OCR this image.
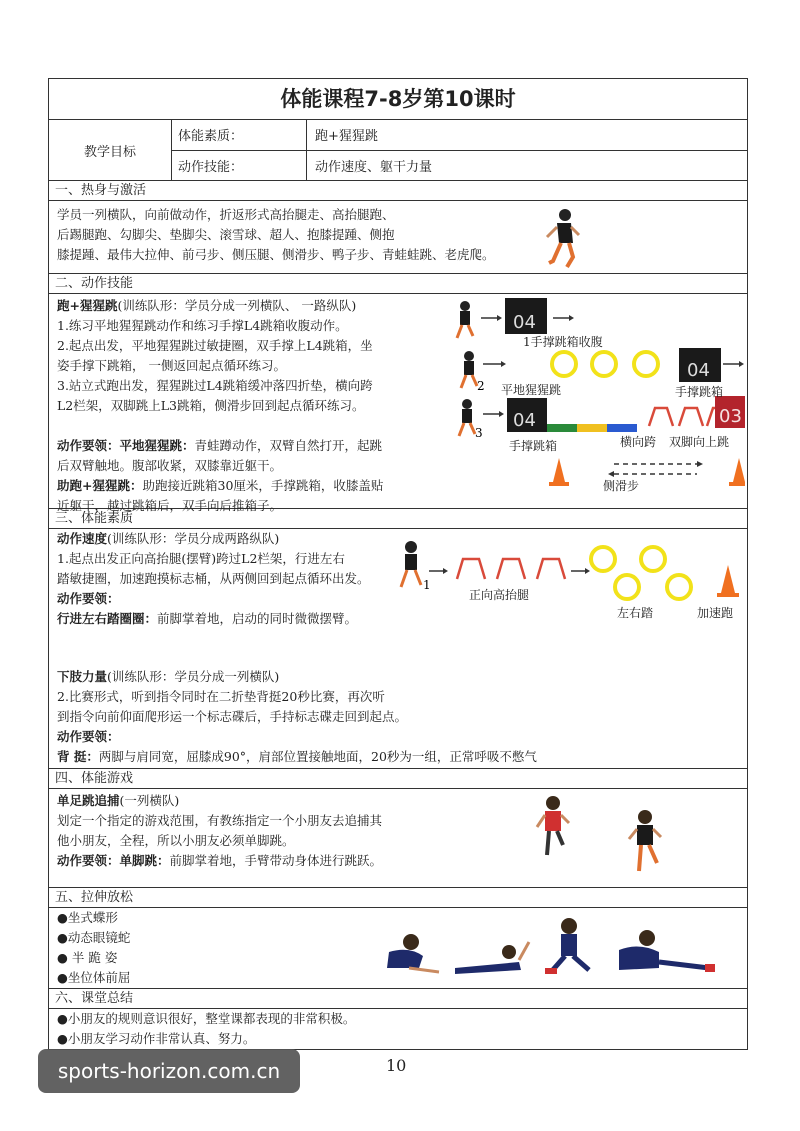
体能课程7-8岁第10课时
教学目标
体能素质：	跑+猩猩跳
动作技能：	动作速度、躯干力量
一、热身与激活
学员一列横队，向前做动作，折返形式高抬腿走、高抬腿跑、
后踢腿跑、勾脚尖、垫脚尖、滚雪球、超人、抱膝提踵、侧抱
膝提踵、最伟大拉伸、前弓步、侧压腿、侧滑步、鸭子步、青蛙蛙跳、老虎爬。
二、动作技能
跑+猩猩跳(训练队形：学员分成一列横队、 一路纵队)
1.练习平地猩猩跳动作和练习手撑L4跳箱收腹动作。
2.起点出发，平地猩猩跳过敏捷圈，双手撑上L4跳箱，坐
姿手撑下跳箱， 一侧返回起点循环练习。
3.站立式跑出发，猩猩跳过L4跳箱缓冲落四折垫，横向跨
L2栏架，双脚跳上L3跳箱，侧滑步回到起点循环练习。
动作要领：平地猩猩跳：青蛙蹲动作，双臂自然打开，起跳
后双臂触地。腹部收紧，双膝靠近躯干。
助跑+猩猩跳：助跑接近跳箱30厘米，手撑跳箱，收膝盖贴
近躯干，越过跳箱后，双手向后推箱子。
04
2
04
3
04	03
1手撑跳箱收腹
平地猩猩跳	手撑跳箱
手撑跳箱	横向跨 双脚向上跳
侧滑步
三、体能素质
动作速度(训练队形：学员分成两路纵队)
1.起点出发正向高抬腿(摆臂)跨过L2栏架，行进左右
踏敏捷圈，加速跑摸标志桶，从两侧回到起点循环出发。
动作要领：
行进左右踏圈圈：前脚掌着地，启动的同时微微摆臂。
下肢力量(训练队形：学员分成一列横队)
2.比赛形式，听到指令同时在二折垫背挺20秒比赛，再次听
到指令向前仰面爬形运一个标志碟后，手持标志碟走回到起点。
动作要领：
背 挺：两脚与肩同宽，屈膝成90°，肩部位置接触地面，20秒为一组，正常呼吸不憋气
1
正向高抬腿
左右踏	加速跑
四、体能游戏
单足跳追捕(一列横队)
划定一个指定的游戏范围，有教练指定一个小朋友去追捕其
他小朋友，全程，所以小朋友必须单脚跳。
动作要领：单脚跳：前脚掌着地，手臂带动身体进行跳跃。
五、拉伸放松
●坐式蝶形
●动态眼镜蛇
● 半 跪 姿
●坐位体前屈
六、课堂总结
●小朋友的规则意识很好，整堂课都表现的非常积极。
●小朋友学习动作非常认真、努力。
10
sports-horizon.com.cn
